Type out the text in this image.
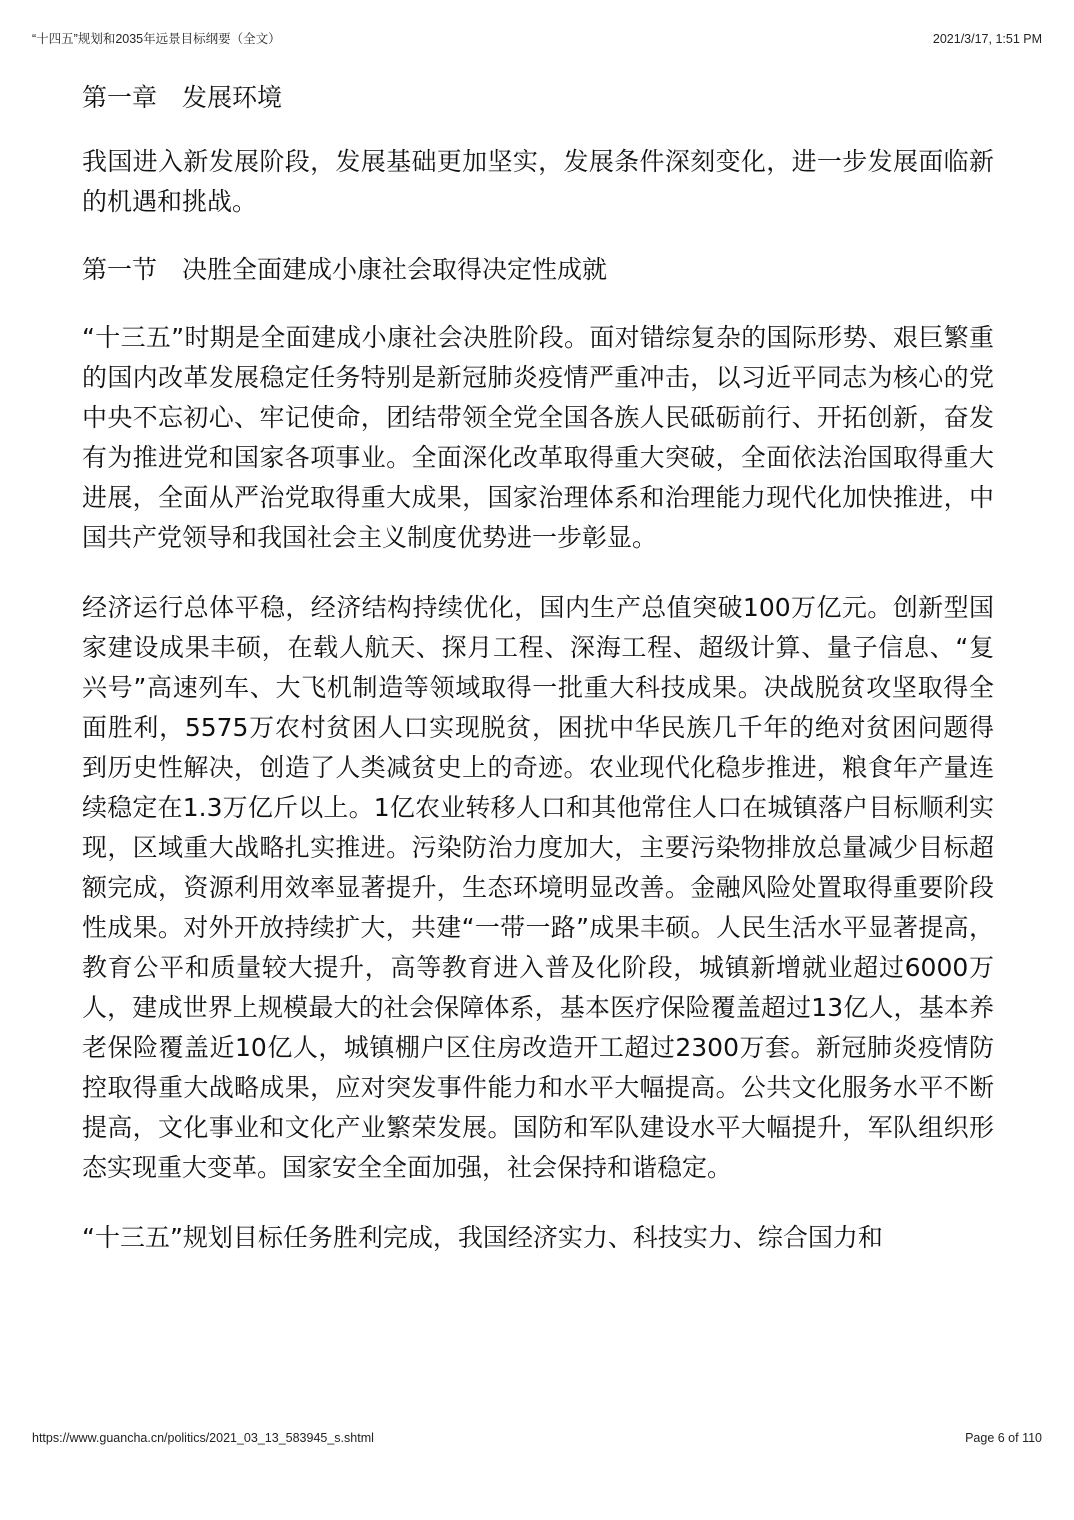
“十四五”规划和2035年远景目标纲要（全文）	2021/3/17, 1:51 PM
第一章　发展环境

我国进入新发展阶段，发展基础更加坚实，发展条件深刻变化，进一步发展面临新的机遇和挑战。

第一节　决胜全面建成小康社会取得决定性成就

“十三五”时期是全面建成小康社会决胜阶段。面对错综复杂的国际形势、艰巨繁重的国内改革发展稳定任务特别是新冠肺炎疫情严重冲击，以习近平同志为核心的党中央不忘初心、牢记使命，团结带领全党全国各族人民砥砺前行、开拓创新，奋发有为推进党和国家各项事业。全面深化改革取得重大突破，全面依法治国取得重大进展，全面从严治党取得重大成果，国家治理体系和治理能力现代化加快推进，中国共产党领导和我国社会主义制度优势进一步彰显。

经济运行总体平稳，经济结构持续优化，国内生产总值突破100万亿元。创新型国家建设成果丰硕，在载人航天、探月工程、深海工程、超级计算、量子信息、“复兴号”高速列车、大飞机制造等领域取得一批重大科技成果。决战脱贫攻坚取得全面胜利，5575万农村贫困人口实现脱贫，困扰中华民族几千年的绝对贫困问题得到历史性解决，创造了人类减贫史上的奇迹。农业现代化稳步推进，粮食年产量连续稳定在1.3万亿斤以上。1亿农业转移人口和其他常住人口在城镇落户目标顺利实现，区域重大战略扎实推进。污染防治力度加大，主要污染物排放总量减少目标超额完成，资源利用效率显著提升，生态环境明显改善。金融风险处置取得重要阶段性成果。对外开放持续扩大，共建“一带一路”成果丰硕。人民生活水平显著提高，教育公平和质量较大提升，高等教育进入普及化阶段，城镇新增就业超过6000万人，建成世界上规模最大的社会保障体系，基本医疗保险覆盖超过13亿人，基本养老保险覆盖近10亿人，城镇棚户区住房改造开工超过2300万套。新冠肺炎疫情防控取得重大战略成果，应对突发事件能力和水平大幅提高。公共文化服务水平不断提高，文化事业和文化产业繁荣发展。国防和军队建设水平大幅提升，军队组织形态实现重大变革。国家安全全面加强，社会保持和谐稳定。

“十三五”规划目标任务胜利完成，我国经济实力、科技实力、综合国力和

https://www.guancha.cn/politics/2021_03_13_583945_s.shtml	Page 6 of 110
